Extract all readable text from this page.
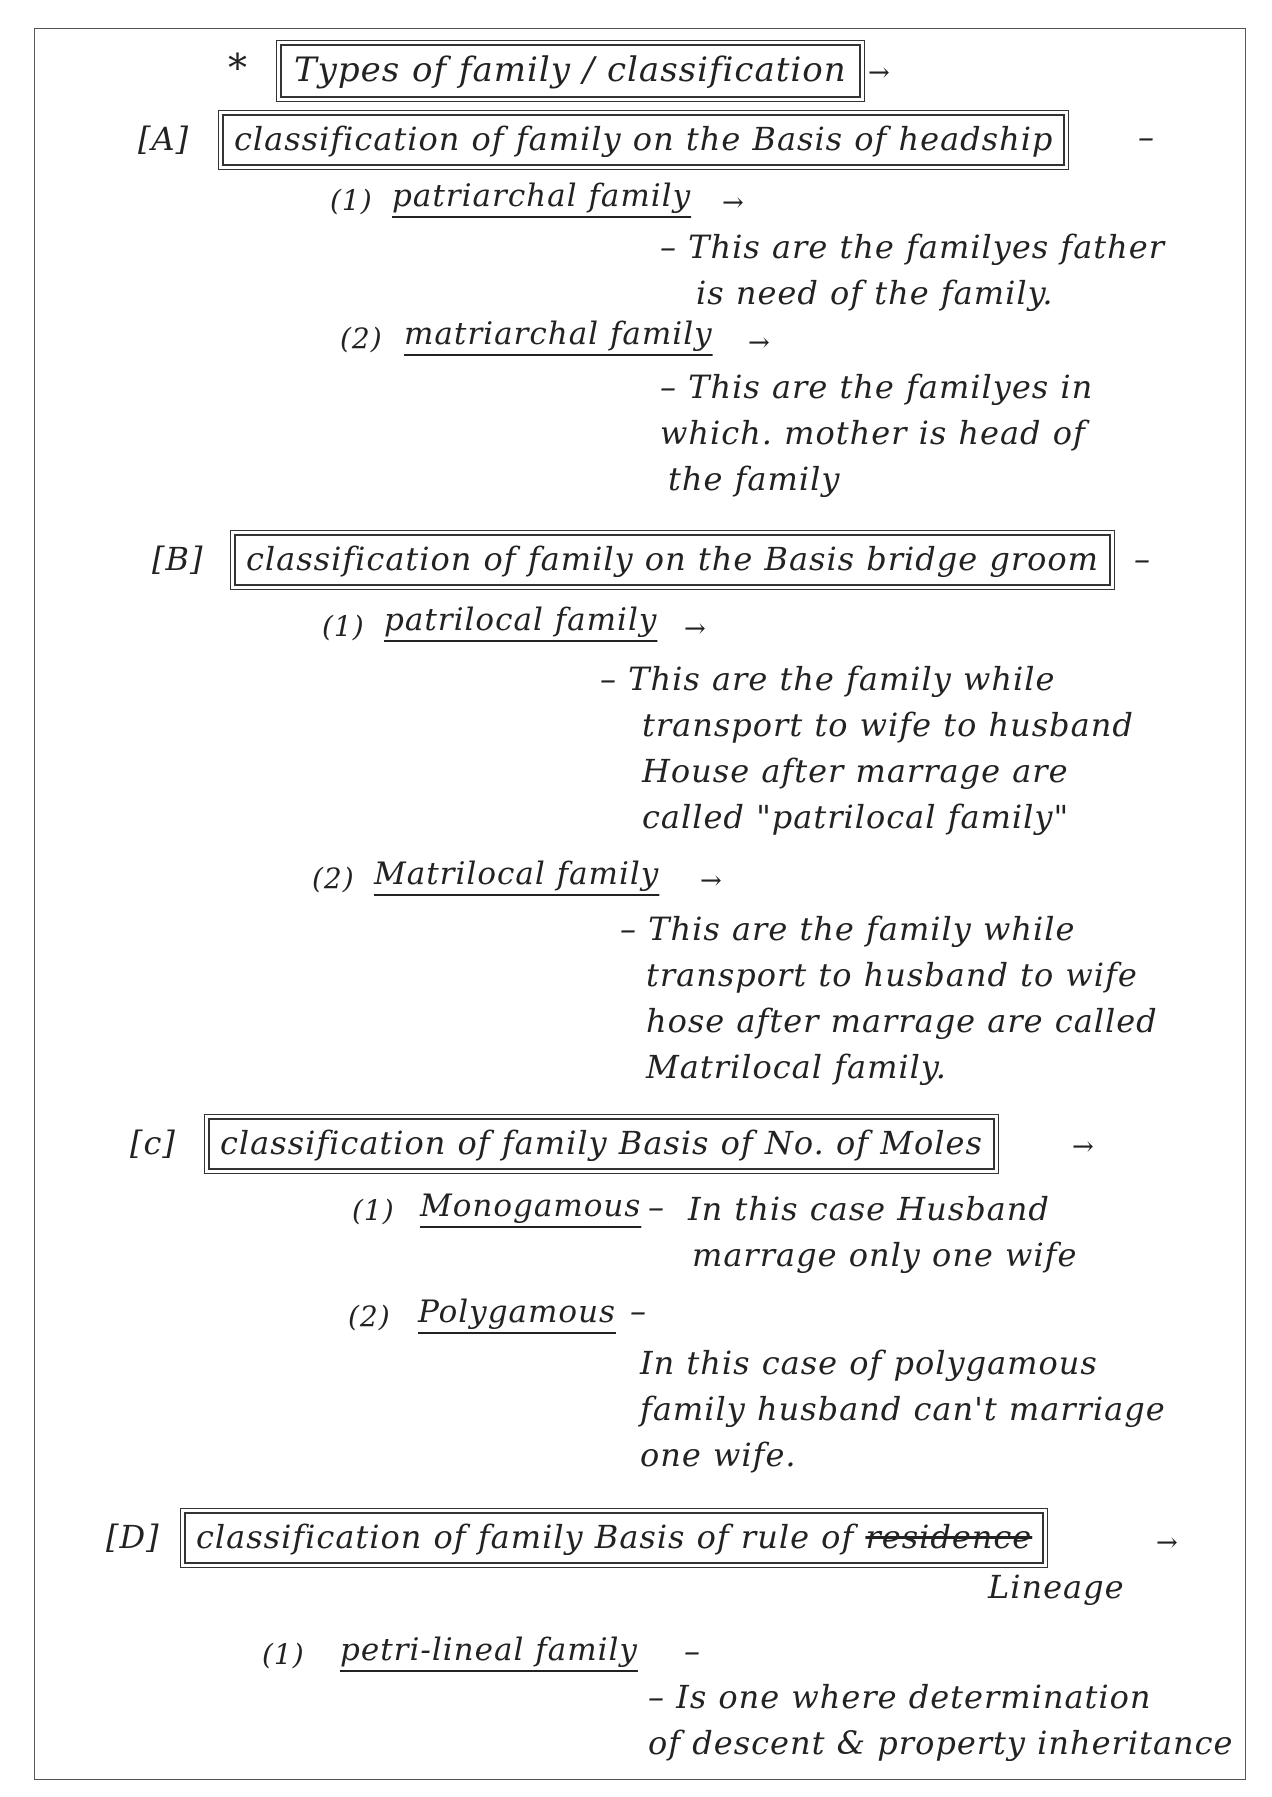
*	Types of family / classification →
[A]	classification of family on the Basis of headship	–
(1) patriarchal family →
– This are the familyes father
is need of the family.
(2) matriarchal family →
– This are the familyes in
which. mother is head of
the family
[B]	classification of family on the Basis bridge groom	–
(1) patrilocal family →
– This are the family while
transport to wife to husband
House after marrage are
called "patrilocal family"
(2) Matrilocal family →
– This are the family while
transport to husband to wife
hose after marrage are called
Matrilocal family.
[c]	classification of family Basis of No. of Moles	→
(1) Monogamous – In this case Husband
marrage only one wife
(2) Polygamous –
In this case of polygamous
family husband can't marriage
one wife.
[D]	classification of family Basis of rule of residence	→
Lineage
(1) petri-lineal family –
– Is one where determination
of descent & property inheritance
